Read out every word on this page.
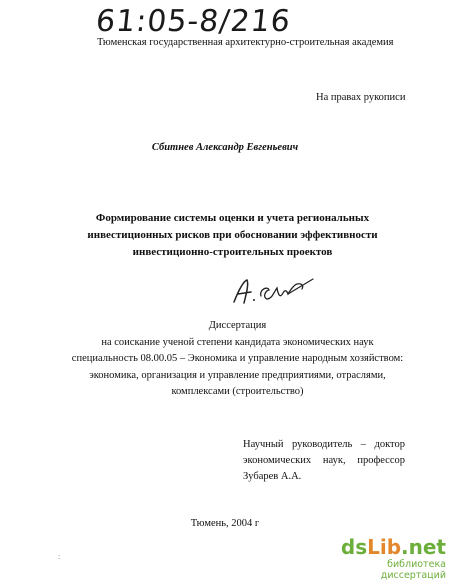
61:05-8/216
Тюменская государственная архитектурно-строительная академия
На правах рукописи
Сбитнев Александр Евгеньевич
Формирование системы оценки и учета региональных
инвестиционных рисков при обосновании эффективности
инвестиционно-строительных проектов
Диссертация
на соискание ученой степени кандидата экономических наук
специальность 08.00.05 – Экономика и управление народным хозяйством:
экономика, организация и управление предприятиями, отраслями,
комплексами (строительство)
Научный руководитель – доктор
экономических наук, профессор
Зубарев А.А.
Тюмень, 2004 г
:	dsLib.net
библиотека диссертаций
